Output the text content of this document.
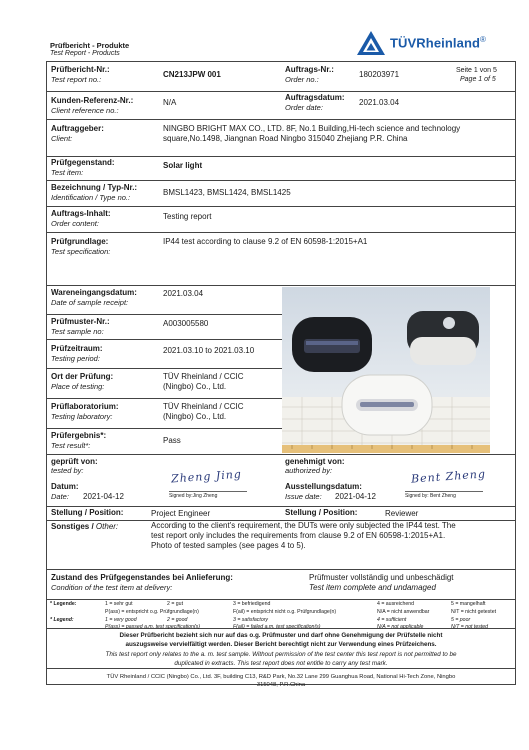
Prüfbericht - Produkte
Test Report - Products
TÜVRheinland®
Prüfbericht-Nr.:
Test report no.:
CN213JPW 001
Auftrags-Nr.:
Order no.:
180203971	Seite 1 von 5
Page 1 of 5
Kunden-Referenz-Nr.:
Client reference no.:
N/A
Auftragsdatum:
Order date:
2021.03.04
Auftraggeber:
Client:
NINGBO BRIGHT MAX CO., LTD. 8F, No.1 Building,Hi-tech science and technology
square,No.1498, Jiangnan Road Ningbo 315040 Zhejiang P.R. China
Prüfgegenstand:
Test item:
Solar light
Bezeichnung / Typ-Nr.:
Identification / Type no.:
BMSL1423, BMSL1424, BMSL1425
Auftrags-Inhalt:
Order content:
Testing report
Prüfgrundlage:
Test specification:
IP44 test according to clause 9.2 of EN 60598-1:2015+A1
Wareneingangsdatum:
Date of sample receipt:
2021.03.04
Prüfmuster-Nr.:
Test sample no:
A003005580
Prüfzeitraum:
Testing period:
2021.03.10 to 2021.03.10
Ort der Prüfung:
Place of testing:
TÜV Rheinland / CCIC
(Ningbo) Co., Ltd.
Prüflaboratorium:
Testing laboratory:
TÜV Rheinland / CCIC
(Ningbo) Co., Ltd.
Prüfergebnis*:
Test result*:
Pass
geprüft von:
tested by:
genehmigt von:
authorized by:
Datum:
Date: 2021-04-12
Ausstellungsdatum:
Issue date: 2021-04-12
Zheng Jing
Signed by:Jing Zheng
Bent Zheng
Signed by: Bent Zheng
Stellung / Position:	Project Engineer	Stellung / Position:	Reviewer
Sonstiges / Other:	According to the client's requirement, the DUTs were only subjected the IP44 test. The
test report only includes the requirements from clause 9.2 of EN 60598-1:2015+A1.
Photo of tested samples (see pages 4 to 5).
Zustand des Prüfgegenstandes bei Anlieferung:
Condition of the test item at delivery:
Prüfmuster vollständig und unbeschädigt
Test item complete and undamaged
* Legende:	1 = sehr gut	2 = gut	3 = befriedigend	4 = ausreichend	5 = mangelhaft
P(ass) = entspricht o.g. Prüfgrundlage(n)	F(ail) = entspricht nicht o.g. Prüfgrundlage(n)	N/A = nicht anwendbar	N/T = nicht getestet
* Legend:	1 = very good	2 = good	3 = satisfactory	4 = sufficient	5 = poor
P(ass) = passed a.m. test specification(s)	F(ail) = failed a.m. test specification(s)	N/A = not applicable	N/T = not tested
Dieser Prüfbericht bezieht sich nur auf das o.g. Prüfmuster und darf ohne Genehmigung der Prüfstelle nicht
auszugsweise vervielfältigt werden. Dieser Bericht berechtigt nicht zur Verwendung eines Prüfzeichens.
This test report only relates to the a. m. test sample. Without permission of the test center this test report is not permitted to be
duplicated in extracts. This test report does not entitle to carry any test mark.
TÜV Rheinland / CCIC (Ningbo) Co., Ltd. 3F, building C13, R&D Park, No.32 Lane 299 Guanghua Road, National Hi-Tech Zone, Ningbo
315048, P.R.China
